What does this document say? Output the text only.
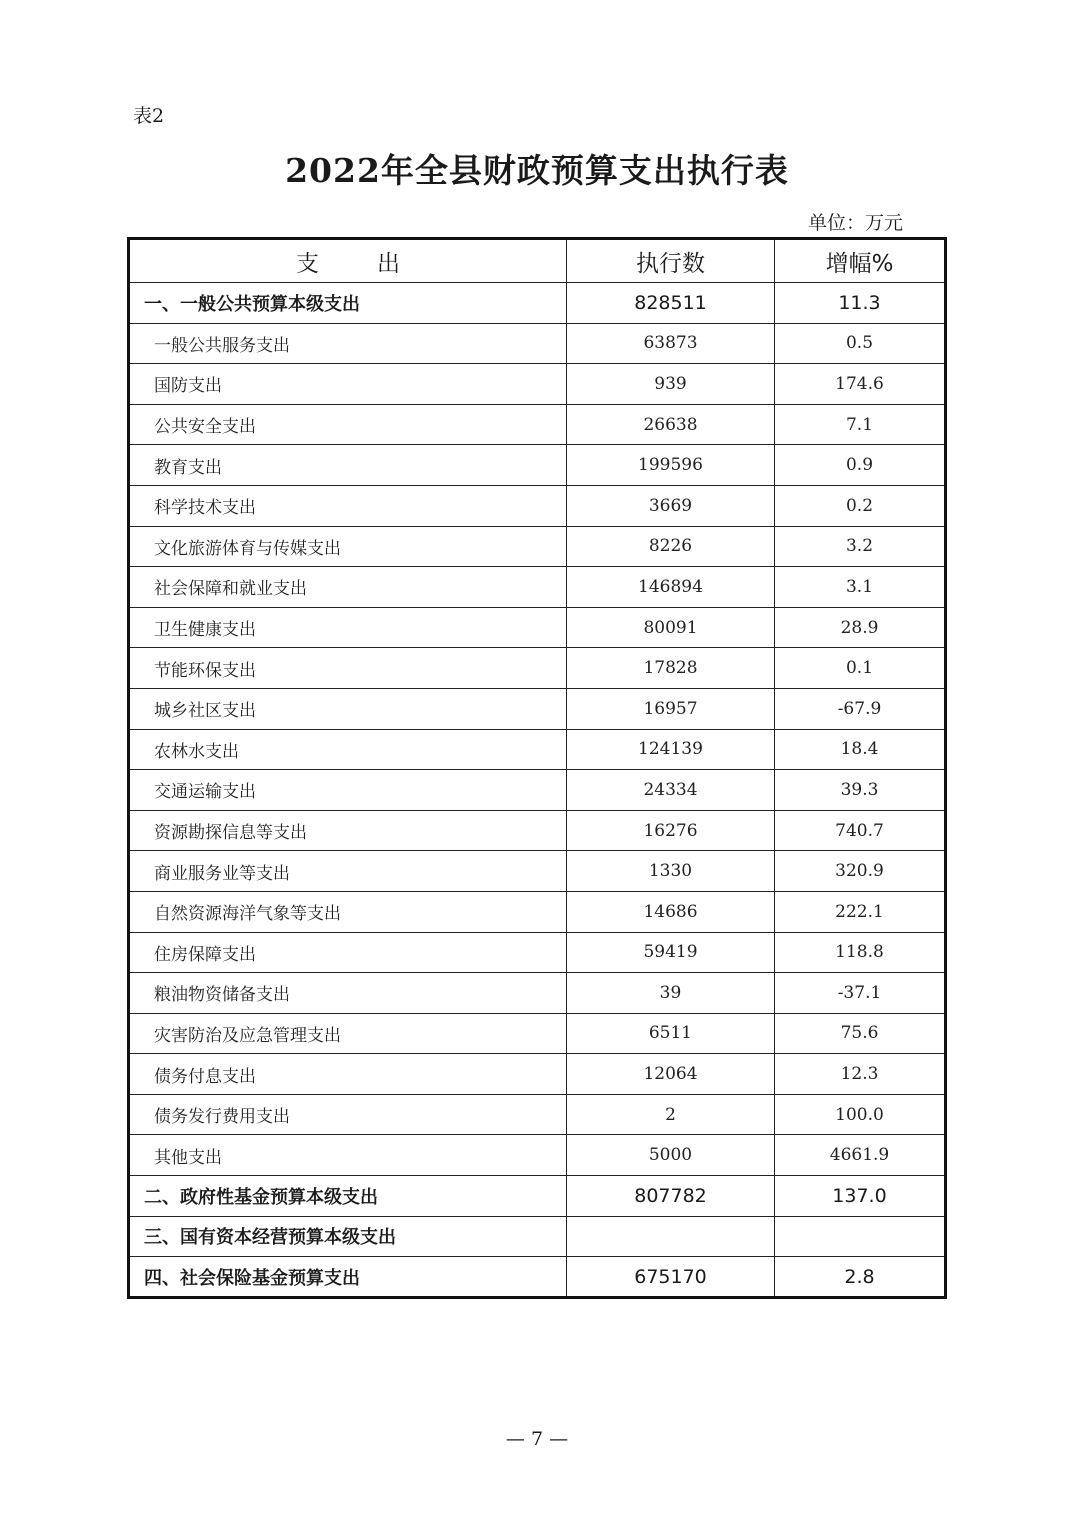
表2
2022年全县财政预算支出执行表
单位：万元
支出	执行数	增幅%
一、一般公共预算本级支出	828511	11.3
一般公共服务支出	63873	0.5
国防支出	939	174.6
公共安全支出	26638	7.1
教育支出	199596	0.9
科学技术支出	3669	0.2
文化旅游体育与传媒支出	8226	3.2
社会保障和就业支出	146894	3.1
卫生健康支出	80091	28.9
节能环保支出	17828	0.1
城乡社区支出	16957	-67.9
农林水支出	124139	18.4
交通运输支出	24334	39.3
资源勘探信息等支出	16276	740.7
商业服务业等支出	1330	320.9
自然资源海洋气象等支出	14686	222.1
住房保障支出	59419	118.8
粮油物资储备支出	39	-37.1
灾害防治及应急管理支出	6511	75.6
债务付息支出	12064	12.3
债务发行费用支出	2	100.0
其他支出	5000	4661.9
二、政府性基金预算本级支出	807782	137.0
三、国有资本经营预算本级支出		
四、社会保险基金预算支出	675170	2.8
— 7 —
